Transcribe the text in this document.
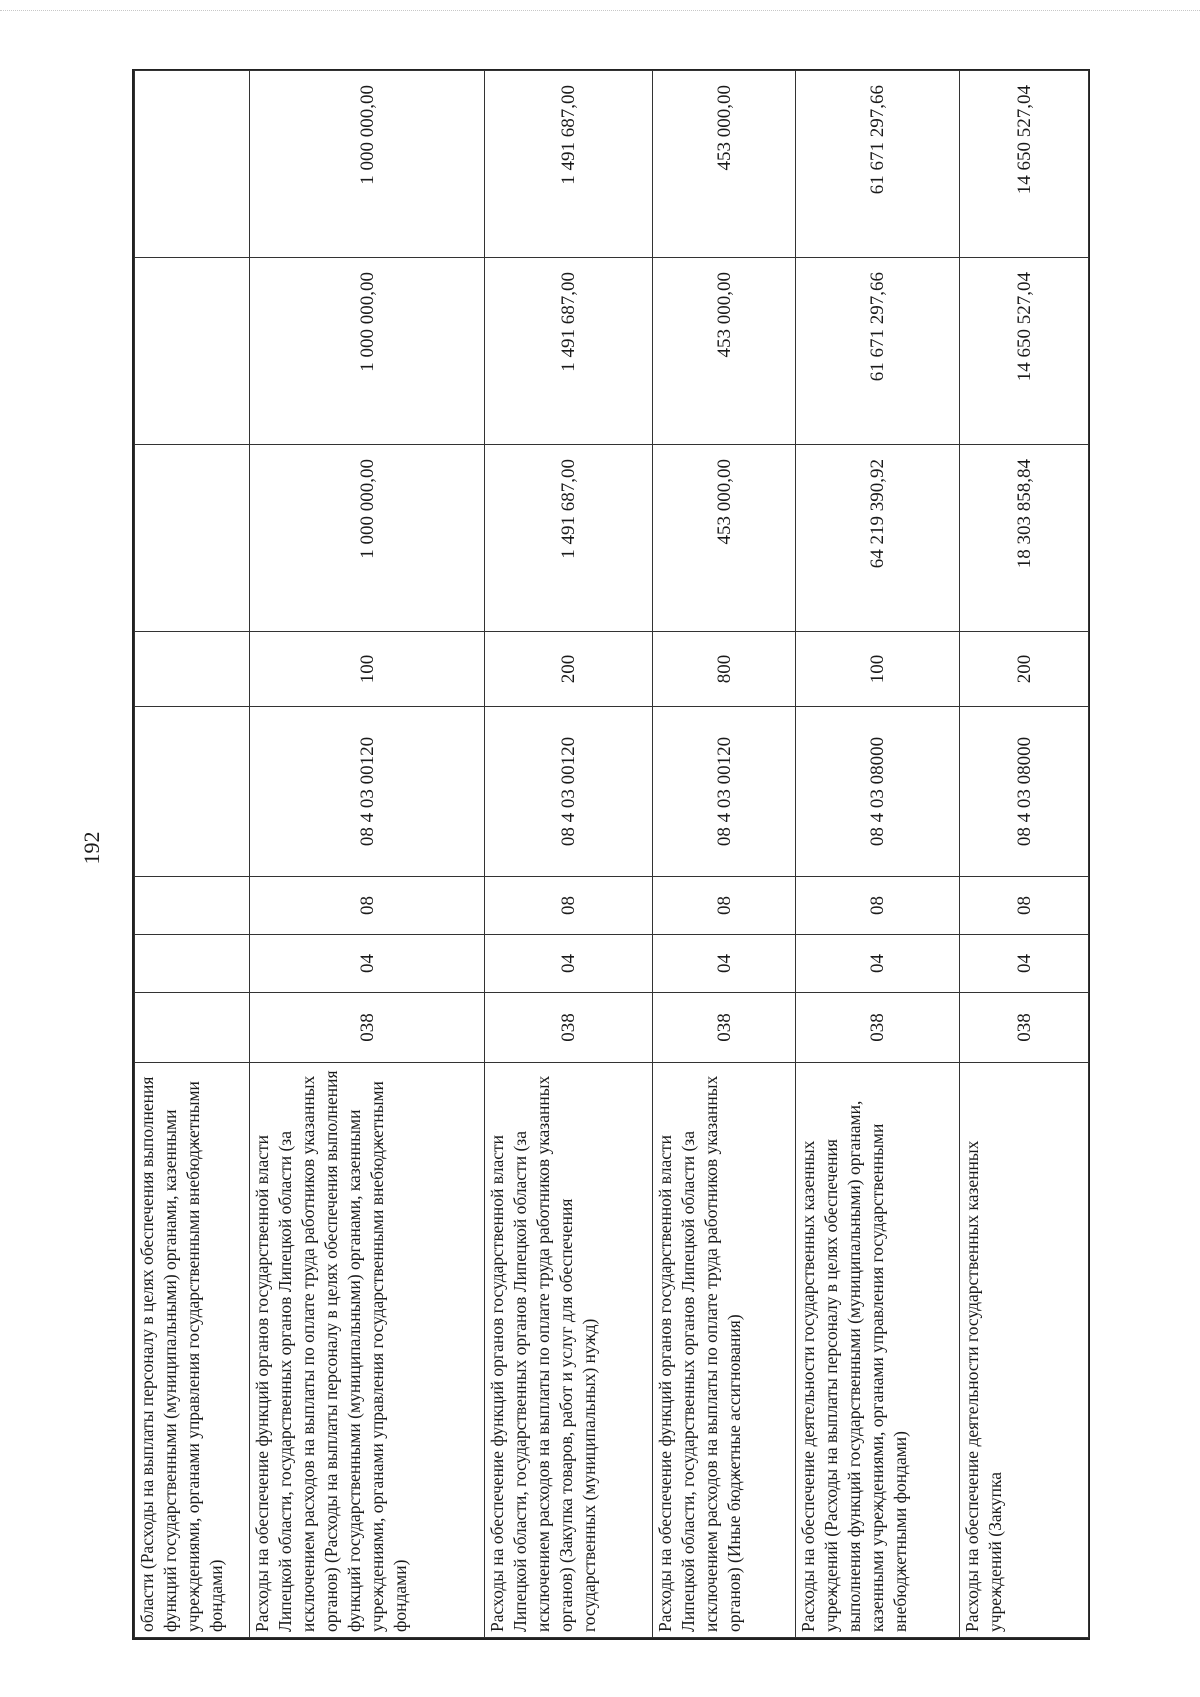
192
области (Расходы на выплаты персоналу в целях обеспечения выполнения функций государственными (муниципальными) органами, казенными учреждениями, органами управления государственными внебюджетными фондами)								
Расходы на обеспечение функций органов государственной власти Липецкой области, государственных органов Липецкой области (за исключением расходов на выплаты по оплате труда работников указанных органов) (Расходы на выплаты персоналу в целях обеспечения выполнения функций государственными (муниципальными) органами, казенными учреждениями, органами управления государственными внебюджетными фондами)	038	04	08	08 4 03 00120	100	1 000 000,00	1 000 000,00	1 000 000,00
Расходы на обеспечение функций органов государственной власти Липецкой области, государственных органов Липецкой области (за исключением расходов на выплаты по оплате труда работников указанных органов) (Закупка товаров, работ и услуг для обеспечения государственных (муниципальных) нужд)	038	04	08	08 4 03 00120	200	1 491 687,00	1 491 687,00	1 491 687,00
Расходы на обеспечение функций органов государственной власти Липецкой области, государственных органов Липецкой области (за исключением расходов на выплаты по оплате труда работников указанных органов) (Иные бюджетные ассигнования)	038	04	08	08 4 03 00120	800	453 000,00	453 000,00	453 000,00
Расходы на обеспечение деятельности государственных казенных учреждений (Расходы на выплаты персоналу в целях обеспечения выполнения функций государственными (муниципальными) органами, казенными учреждениями, органами управления государственными внебюджетными фондами)	038	04	08	08 4 03 08000	100	64 219 390,92	61 671 297,66	61 671 297,66
Расходы на обеспечение деятельности государственных казенных учреждений (Закупка	038	04	08	08 4 03 08000	200	18 303 858,84	14 650 527,04	14 650 527,04
